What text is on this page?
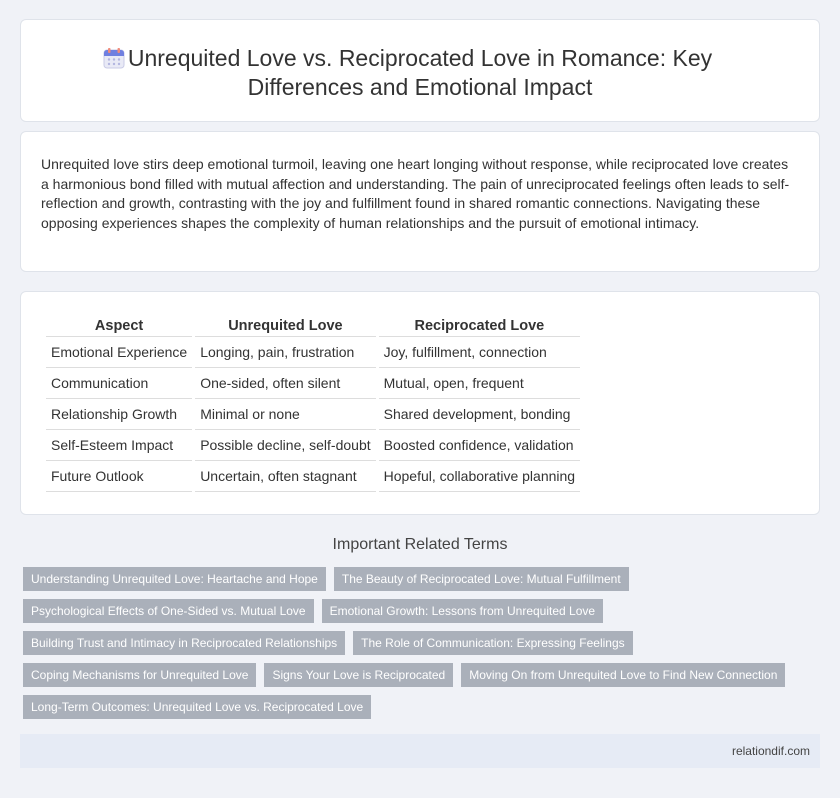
Unrequited Love vs. Reciprocated Love in Romance: Key Differences and Emotional Impact

Unrequited love stirs deep emotional turmoil, leaving one heart longing without response, while reciprocated love creates a harmonious bond filled with mutual affection and understanding. The pain of unreciprocated feelings often leads to self-reflection and growth, contrasting with the joy and fulfillment found in shared romantic connections. Navigating these opposing experiences shapes the complexity of human relationships and the pursuit of emotional intimacy.

Aspect	Unrequited Love	Reciprocated Love
Emotional Experience	Longing, pain, frustration	Joy, fulfillment, connection
Communication	One-sided, often silent	Mutual, open, frequent
Relationship Growth	Minimal or none	Shared development, bonding
Self-Esteem Impact	Possible decline, self-doubt	Boosted confidence, validation
Future Outlook	Uncertain, often stagnant	Hopeful, collaborative planning
Important Related Terms
Understanding Unrequited Love: Heartache and Hope	The Beauty of Reciprocated Love: Mutual Fulfillment
Psychological Effects of One-Sided vs. Mutual Love	Emotional Growth: Lessons from Unrequited Love
Building Trust and Intimacy in Reciprocated Relationships	The Role of Communication: Expressing Feelings
Coping Mechanisms for Unrequited Love	Signs Your Love is Reciprocated	Moving On from Unrequited Love to Find New Connection
Long-Term Outcomes: Unrequited Love vs. Reciprocated Love
relationdif.com
